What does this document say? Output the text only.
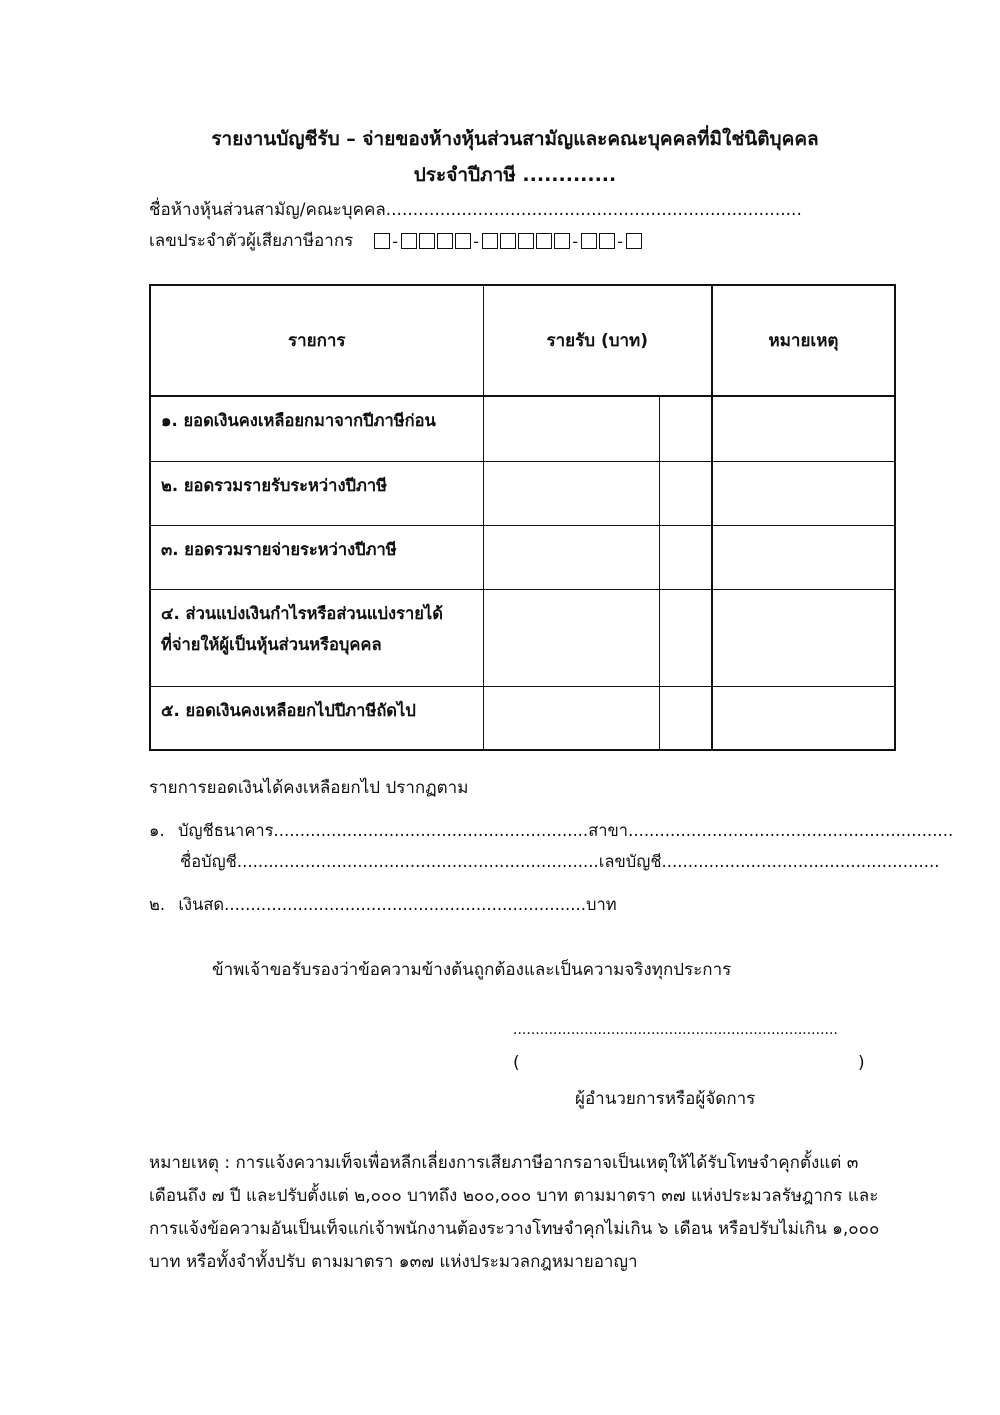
รายงานบัญชีรับ – จ่ายของห้างหุ้นส่วนสามัญและคณะบุคคลที่มิใช่นิติบุคคล
ประจำปีภาษี .............
ชื่อห้างหุ้นส่วนสามัญ/คณะบุคคล.............................................................................
เลขประจำตัวผู้เสียภาษีอากร -	-	- -
รายการ	รายรับ (บาท)		หมายเหตุ

๑. ยอดเงินคงเหลือยกมาจากปีภาษีก่อน			

๒. ยอดรวมรายรับระหว่างปีภาษี			

๓. ยอดรวมรายจ่ายระหว่างปีภาษี			

๔. ส่วนแบ่งเงินกำไรหรือส่วนแบ่งรายได้
ที่จ่ายให้ผู้เป็นหุ้นส่วนหรือบุคคล			

๕. ยอดเงินคงเหลือยกไปปีภาษีถัดไป			

รายการยอดเงินได้คงเหลือยกไป ปรากฏตาม
๑. บัญชีธนาคาร............................................................สาขา..............................................................
ชื่อบัญชี.....................................................................เลขบัญชี.....................................................
๒. เงินสด.....................................................................บาท
ข้าพเจ้าขอรับรองว่าข้อความข้างต้นถูกต้องและเป็นความจริงทุกประการ
.........................................................................
(	)
ผู้อำนวยการหรือผู้จัดการ
หมายเหตุ : การแจ้งความเท็จเพื่อหลีกเลี่ยงการเสียภาษีอากรอาจเป็นเหตุให้ได้รับโทษจำคุกตั้งแต่ ๓ เดือนถึง ๗ ปี และปรับตั้งแต่ ๒,๐๐๐ บาทถึง ๒๐๐,๐๐๐ บาท ตามมาตรา ๓๗ แห่งประมวลรัษฎากร และการแจ้งข้อความอันเป็นเท็จแก่เจ้าพนักงานต้องระวางโทษจำคุกไม่เกิน ๖ เดือน หรือปรับไม่เกิน ๑,๐๐๐ บาท หรือทั้งจำทั้งปรับ ตามมาตรา ๑๓๗ แห่งประมวลกฎหมายอาญา
